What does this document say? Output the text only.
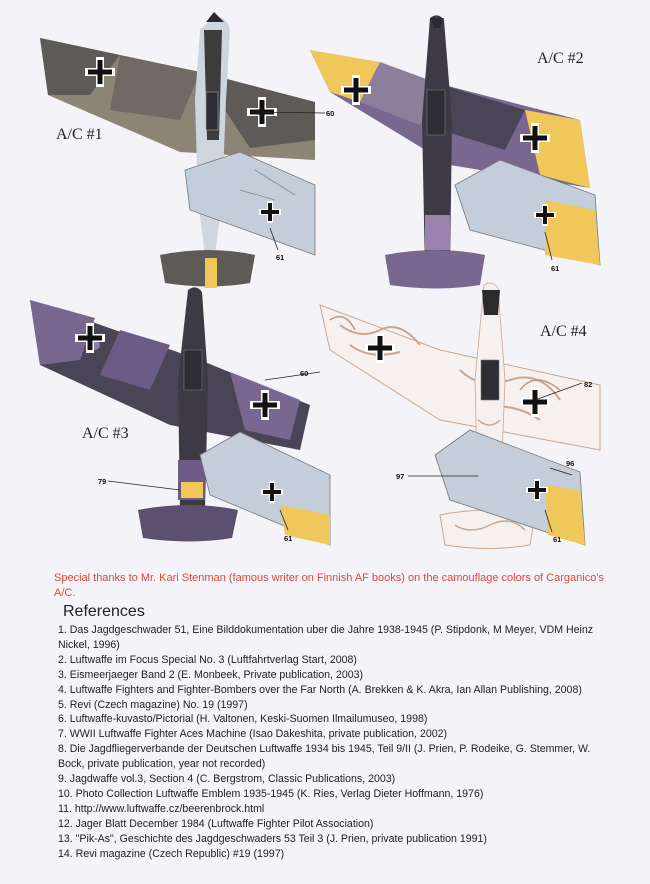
60
61
61
60
79
61
82
97
96
61
A/C #1
A/C #2
A/C #3
A/C #4
Special thanks to Mr. Kari Stenman (famous writer on Finnish AF books) on the camouflage colors of Carganico's A/C.
References
1. Das Jagdgeschwader 51, Eine Bilddokumentation uber die Jahre 1938-1945 (P. Stipdonk, M Meyer, VDM Heinz Nickel, 1996)
2. Luftwaffe im Focus Special No. 3 (Luftfahrtverlag Start, 2008)
3. Eismeerjaeger Band 2 (E. Monbeek, Private publication, 2003)
4. Luftwaffe Fighters and Fighter-Bombers over the Far North (A. Brekken & K. Akra, Ian Allan Publishing, 2008)
5. Revi (Czech magazine) No. 19 (1997)
6. Luftwaffe-kuvasto/Pictorial (H. Valtonen, Keski-Suomen Ilmailumuseo, 1998)
7. WWII Luftwaffe Fighter Aces Machine (Isao Dakeshita, private publication, 2002)
8. Die Jagdfliegerverbande der Deutschen Luftwaffe 1934 bis 1945, Teil 9/II (J. Prien, P. Rodeike, G. Stemmer, W. Bock, private publication, year not recorded)
9. Jagdwaffe vol.3, Section 4 (C. Bergstrom, Classic Publications, 2003)
10. Photo Collection Luftwaffe Emblem 1935-1945 (K. Ries, Verlag Dieter Hoffmann, 1976)
11. http://www.luftwaffe.cz/beerenbrock.html
12. Jager Blatt December 1984 (Luftwaffe Fighter Pilot Association)
13. "Pik-As", Geschichte des Jagdgeschwaders 53 Teil 3 (J. Prien, private publication 1991)
14. Revi magazine (Czech Republic) #19 (1997)
